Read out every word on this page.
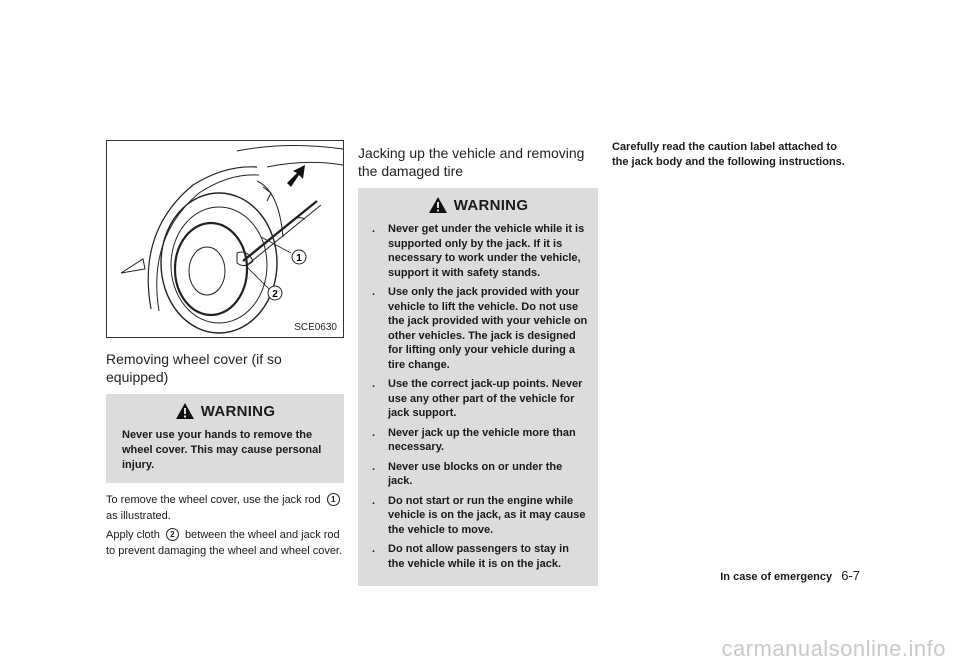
1
2
SCE0630
Removing wheel cover (if so equipped)
WARNING
Never use your hands to remove the wheel cover. This may cause personal injury.

To remove the wheel cover, use the jack rod 1 as illustrated.

Apply cloth 2 between the wheel and jack rod to prevent damaging the wheel and wheel cover.

Jacking up the vehicle and removing the damaged tire
WARNING
. Never get under the vehicle while it is supported only by the jack. If it is necessary to work under the vehicle, support it with safety stands.
. Use only the jack provided with your vehicle to lift the vehicle. Do not use the jack provided with your vehicle on other vehicles. The jack is designed for lifting only your vehicle during a tire change.
. Use the correct jack-up points. Never use any other part of the vehicle for jack support.
. Never jack up the vehicle more than necessary.
. Never use blocks on or under the jack.
. Do not start or run the engine while vehicle is on the jack, as it may cause the vehicle to move.
. Do not allow passengers to stay in the vehicle while it is on the jack.

Carefully read the caution label attached to the jack body and the following instructions.

In case of emergency 6-7
carmanualsonline.info
